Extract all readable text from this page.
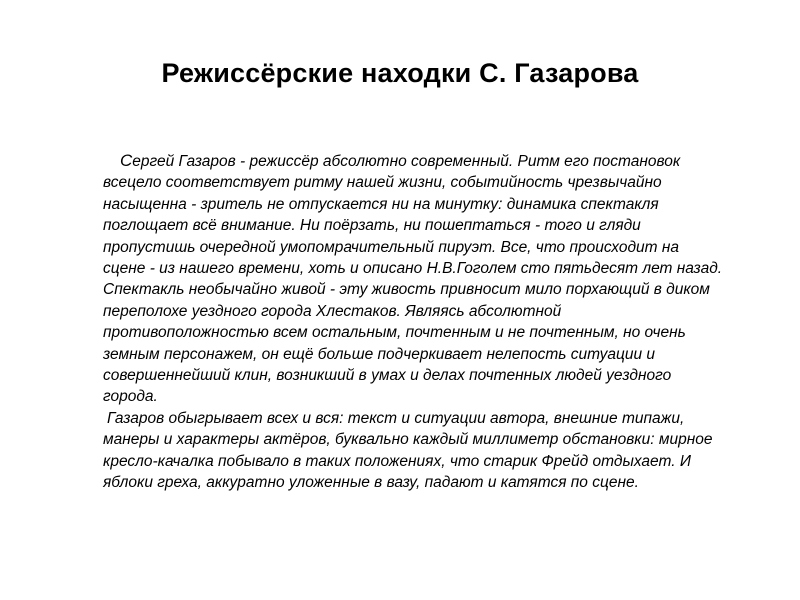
Режиссёрские находки С. Газарова

Сергей Газаров - режиссёр абсолютно современный. Ритм его постановок всецело соответствует ритму нашей жизни, событийность чрезвычайно насыщенна - зритель не отпускается ни на минутку: динамика спектакля поглощает всё внимание. Ни поёрзать, ни пошептаться - того и гляди пропустишь очередной умопомрачительный пируэт. Все, что происходит на сцене - из нашего времени, хоть и описано Н.В.Гоголем сто пятьдесят лет назад. Спектакль необычайно живой - эту живость привносит мило порхающий в диком переполохе уездного города Хлестаков. Являясь абсолютной противоположностью всем остальным, почтенным и не почтенным, но очень земным персонажем, он ещё больше подчеркивает нелепость ситуации и совершеннейший клин, возникший в умах и делах почтенных людей уездного города.

Газаров обыгрывает всех и вся: текст и ситуации автора, внешние типажи, манеры и характеры актёров, буквально каждый миллиметр обстановки: мирное кресло-качалка побывало в таких положениях, что старик Фрейд отдыхает. И яблоки греха, аккуратно уложенные в вазу, падают и катятся по сцене.
